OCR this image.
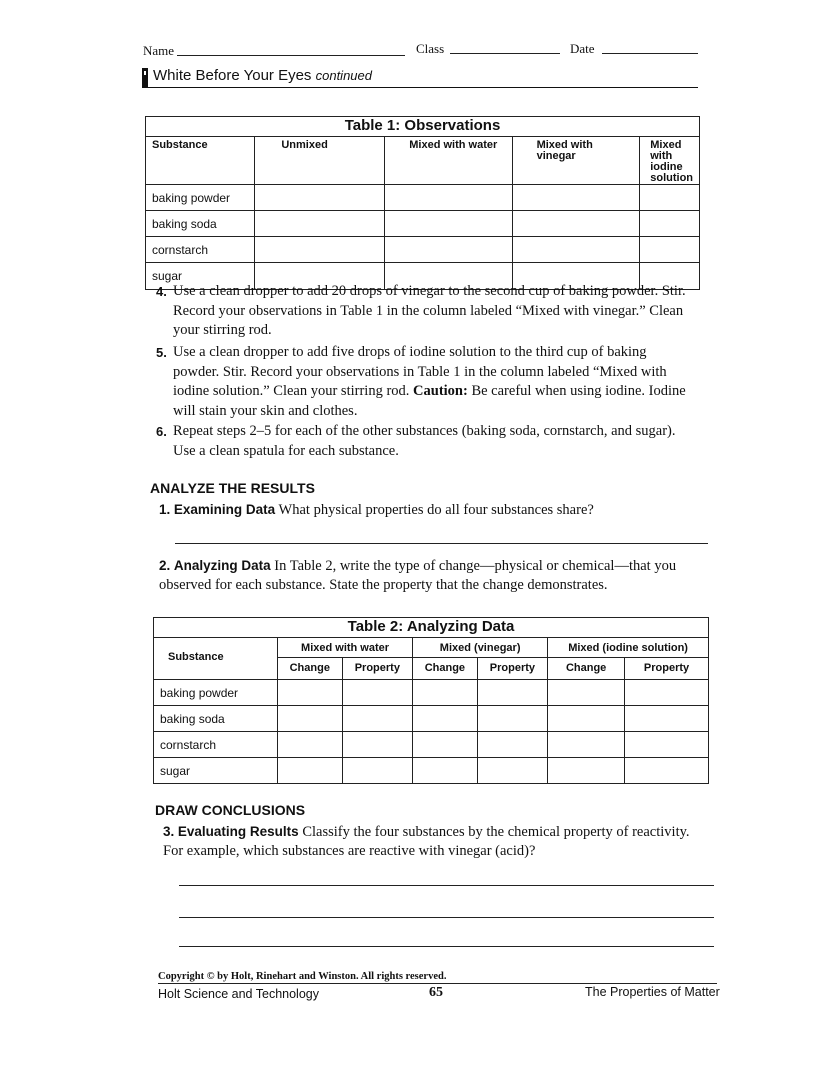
Name	Class	Date
White Before Your Eyes continued
Table 1: Observations				
Substance	Unmixed	Mixed with water	Mixed with vinegar	Mixed with iodine solution
baking powder				
baking soda				
cornstarch				
sugar				
4. Use a clean dropper to add 20 drops of vinegar to the second cup of baking powder. Stir. Record your observations in Table 1 in the column labeled “Mixed with vinegar.” Clean your stirring rod.
5. Use a clean dropper to add five drops of iodine solution to the third cup of baking powder. Stir. Record your observations in Table 1 in the column labeled “Mixed with iodine solution.” Clean your stirring rod. Caution: Be careful when using iodine. Iodine will stain your skin and clothes.
6. Repeat steps 2–5 for each of the other substances (baking soda, cornstarch, and sugar). Use a clean spatula for each substance.
ANALYZE THE RESULTS
1. Examining Data What physical properties do all four substances share?
2. Analyzing Data In Table 2, write the type of change—physical or chemical—that you observed for each substance. State the property that the change demonstrates.
Table 2: Analyzing Data						
Substance	Mixed with water		Mixed (vinegar)		Mixed (iodine solution)	
	Change	Property	Change	Property	Change	Property
baking powder						
baking soda						
cornstarch						
sugar						
DRAW CONCLUSIONS
3. Evaluating Results Classify the four substances by the chemical property of reactivity. For example, which substances are reactive with vinegar (acid)?
Copyright © by Holt, Rinehart and Winston. All rights reserved.
Holt Science and Technology	65	The Properties of Matter
